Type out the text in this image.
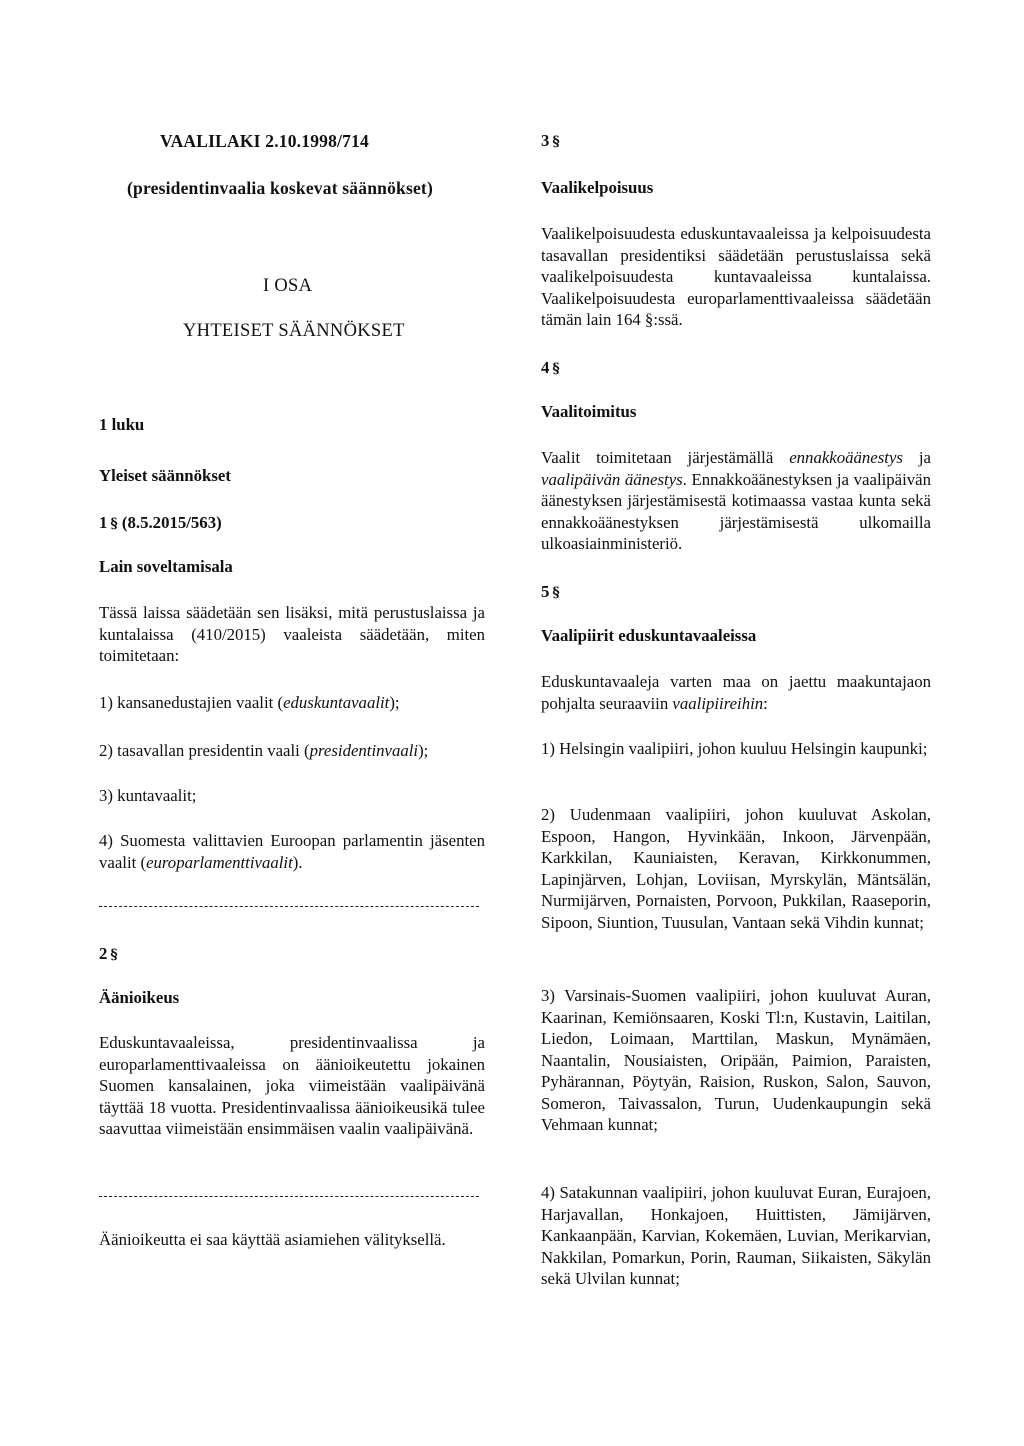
VAALILAKI 2.10.1998/714

(presidentinvaalia koskevat säännökset)

I OSA

YHTEISET SÄÄNNÖKSET

1 luku

Yleiset säännökset

1 § (8.5.2015/563)

Lain soveltamisala

Tässä laissa säädetään sen lisäksi, mitä perustuslaissa ja kuntalaissa (410/2015) vaaleista säädetään, miten toimitetaan:

1) kansanedustajien vaalit (eduskuntavaalit);

2) tasavallan presidentin vaali (presidentinvaali);

3) kuntavaalit;

4) Suomesta valittavien Euroopan parlamentin jäsenten vaalit (europarlamenttivaalit).

2 §

Äänioikeus

Eduskuntavaaleissa, presidentinvaalissa ja europarlamenttivaaleissa on äänioikeutettu jokainen Suomen kansalainen, joka viimeistään vaalipäivänä täyttää 18 vuotta. Presidentinvaalissa äänioikeusikä tulee saavuttaa viimeistään ensimmäisen vaalin vaalipäivänä.

Äänioikeutta ei saa käyttää asiamiehen välityksellä.

3 §

Vaalikelpoisuus

Vaalikelpoisuudesta eduskuntavaaleissa ja kelpoisuudesta tasavallan presidentiksi säädetään perustuslaissa sekä vaalikelpoisuudesta kuntavaaleissa kuntalaissa. Vaalikelpoisuudesta europarlamenttivaaleissa säädetään tämän lain 164 §:ssä.

4 §

Vaalitoimitus

Vaalit toimitetaan järjestämällä ennakkoäänestys ja vaalipäivän äänestys. Ennakkoäänestyksen ja vaalipäivän äänestyksen järjestämisestä kotimaassa vastaa kunta sekä ennakkoäänestyksen järjestämisestä ulkomailla ulkoasiainministeriö.

5 §

Vaalipiirit eduskuntavaaleissa

Eduskuntavaaleja varten maa on jaettu maakuntajaon pohjalta seuraaviin vaalipiireihin:

1) Helsingin vaalipiiri, johon kuuluu Helsingin kaupunki;

2) Uudenmaan vaalipiiri, johon kuuluvat Askolan, Espoon, Hangon, Hyvinkään, Inkoon, Järvenpään, Karkkilan, Kauniaisten, Keravan, Kirkkonummen, Lapinjärven, Lohjan, Loviisan, Myrskylän, Mäntsälän, Nurmijärven, Pornaisten, Porvoon, Pukkilan, Raaseporin, Sipoon, Siuntion, Tuusulan, Vantaan sekä Vihdin kunnat;

3) Varsinais-Suomen vaalipiiri, johon kuuluvat Auran, Kaarinan, Kemiönsaaren, Koski Tl:n, Kustavin, Laitilan, Liedon, Loimaan, Marttilan, Maskun, Mynämäen, Naantalin, Nousiaisten, Oripään, Paimion, Paraisten, Pyhärannan, Pöytyän, Raision, Ruskon, Salon, Sauvon, Someron, Taivassalon, Turun, Uudenkaupungin sekä Vehmaan kunnat;

4) Satakunnan vaalipiiri, johon kuuluvat Euran, Eurajoen, Harjavallan, Honkajoen, Huittisten, Jämijärven, Kankaanpään, Karvian, Kokemäen, Luvian, Merikarvian, Nakkilan, Pomarkun, Porin, Rauman, Siikaisten, Säkylän sekä Ulvilan kunnat;
